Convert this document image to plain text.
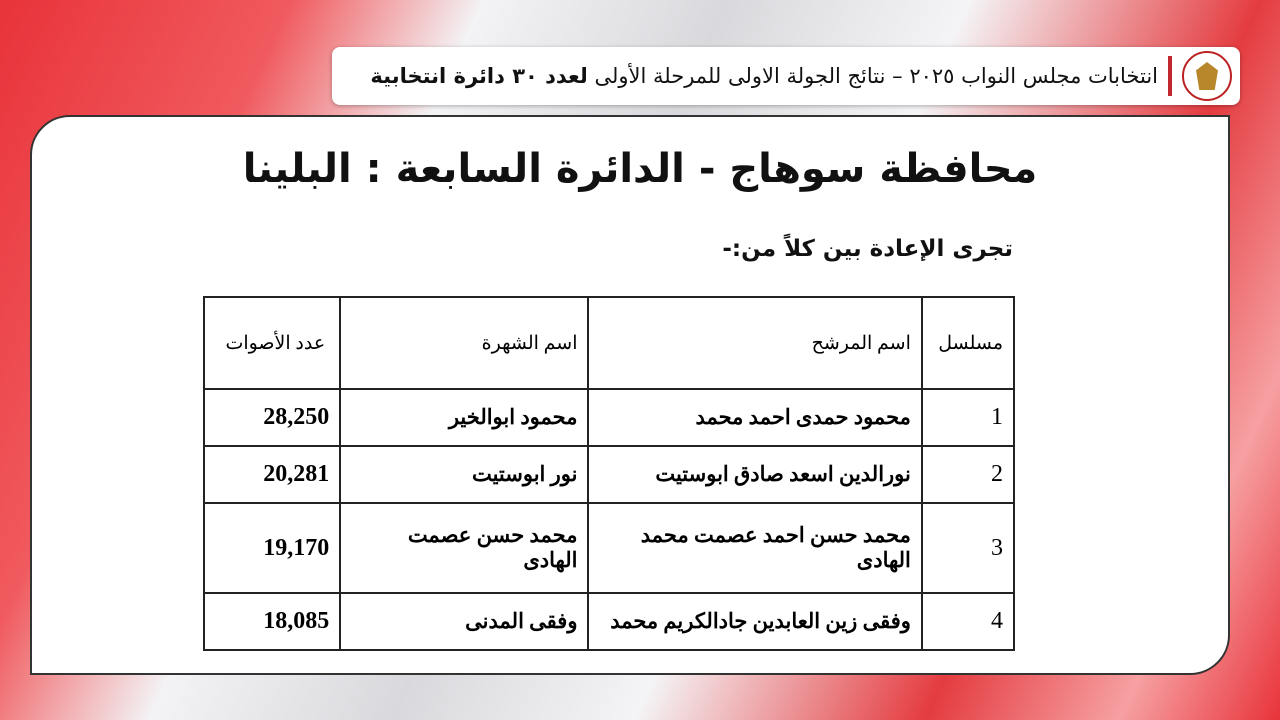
انتخابات مجلس النواب ٢٠٢٥ – نتائج الجولة الاولى للمرحلة الأولى لعدد ٣٠ دائرة انتخابية
محافظة سوهاج - الدائرة السابعة : البلينا
تجرى الإعادة بين كلاً من:-
مسلسل	اسم المرشح	اسم الشهرة	عدد الأصوات
1	محمود حمدى احمد محمد	محمود ابوالخير	28,250
2	نورالدين اسعد صادق ابوستيت	نور ابوستيت	20,281
3	محمد حسن احمد عصمت محمد الهادى	محمد حسن عصمت الهادى	19,170
4	وفقى زين العابدين جادالكريم محمد	وفقى المدنى	18,085
